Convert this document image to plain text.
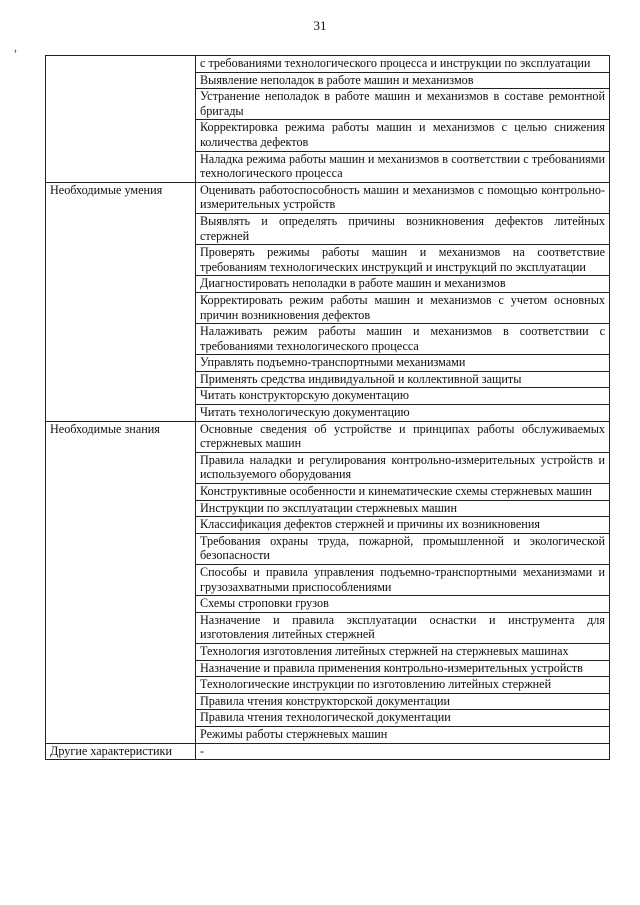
31
,
	с требованиями технологического процесса и инструкции по эксплуатации
	Выявление неполадок в работе машин и механизмов
	Устранение неполадок в работе машин и механизмов в составе ремонтной бригады
	Корректировка режима работы машин и механизмов с целью снижения количества дефектов
	Наладка режима работы машин и механизмов в соответствии с требованиями технологического процесса
Необходимые умения	Оценивать работоспособность машин и механизмов с помощью контрольно-измерительных устройств
	Выявлять и определять причины возникновения дефектов литейных стержней
	Проверять режимы работы машин и механизмов на соответствие требованиям технологических инструкций и инструкций по эксплуатации
	Диагностировать неполадки в работе машин и механизмов
	Корректировать режим работы машин и механизмов с учетом основных причин возникновения дефектов
	Налаживать режим работы машин и механизмов в соответствии с требованиями технологического процесса
	Управлять подъемно-транспортными механизмами
	Применять средства индивидуальной и коллективной защиты
	Читать конструкторскую документацию
	Читать технологическую документацию
Необходимые знания	Основные сведения об устройстве и принципах работы обслуживаемых стержневых машин
	Правила наладки и регулирования контрольно-измерительных устройств и используемого оборудования
	Конструктивные особенности и кинематические схемы стержневых машин
	Инструкции по эксплуатации стержневых машин
	Классификация дефектов стержней и причины их возникновения
	Требования охраны труда, пожарной, промышленной и экологической безопасности
	Способы и правила управления подъемно-транспортными механизмами и грузозахватными приспособлениями
	Схемы строповки грузов
	Назначение и правила эксплуатации оснастки и инструмента для изготовления литейных стержней
	Технология изготовления литейных стержней на стержневых машинах
	Назначение и правила применения контрольно-измерительных устройств
	Технологические инструкции по изготовлению литейных стержней
	Правила чтения конструкторской документации
	Правила чтения технологической документации
	Режимы работы стержневых машин
Другие характеристики	-
